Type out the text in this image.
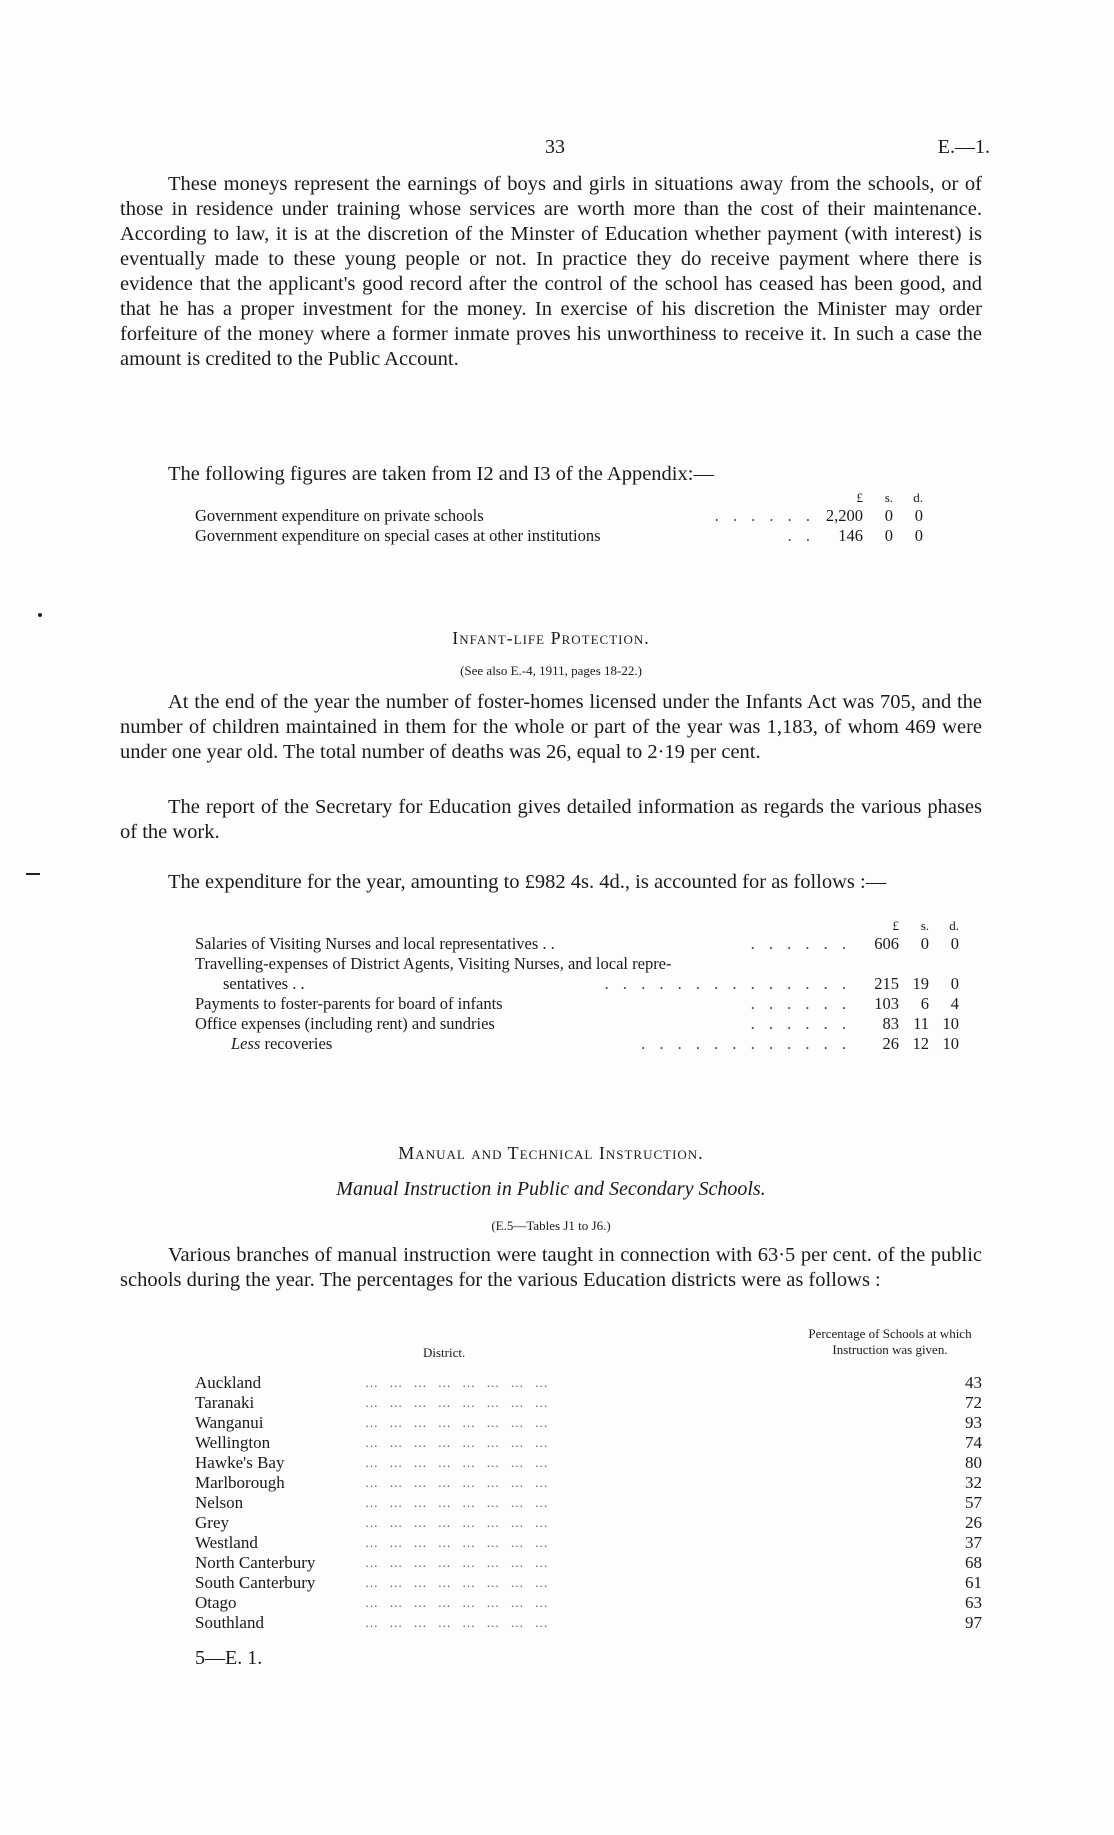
33	E.—1.

These moneys represent the earnings of boys and girls in situations away from the schools, or of those in residence under training whose services are worth more than the cost of their maintenance. According to law, it is at the discretion of the Minster of Education whether payment (with interest) is eventually made to these young people or not. In practice they do receive payment where there is evidence that the applicant's good record after the control of the school has ceased has been good, and that he has a proper investment for the money. In exercise of his discretion the Minister may order forfeiture of the money where a former inmate proves his unworthiness to receive it. In such a case the amount is credited to the Public Account.

The following figures are taken from I2 and I3 of the Appendix:—

	£	s.	d.
Government expenditure on private schools . . . . . .	2,200	0	0
Government expenditure on special cases at other institutions . .	146	0	0
Infant-life Protection.
(See also E.-4, 1911, pages 18-22.)

At the end of the year the number of foster-homes licensed under the Infants Act was 705, and the number of children maintained in them for the whole or part of the year was 1,183, of whom 469 were under one year old. The total number of deaths was 26, equal to 2·19 per cent.

The report of the Secretary for Education gives detailed information as regards the various phases of the work.

The expenditure for the year, amounting to £982 4s. 4d., is accounted for as follows :—

	£	s.	d.
Salaries of Visiting Nurses and local representatives . . . . . . . .	606	0	0
Travelling-expenses of District Agents, Visiting Nurses, and local repre-			
sentatives . . . . . . . . . . . . . . . .	215	19	0
Payments to foster-parents for board of infants . . . . . .	103	6	4
Office expenses (including rent) and sundries . . . . . .	83	11	10
Less recoveries . . . . . . . . . . . .	26	12	10
Manual and Technical Instruction.
Manual Instruction in Public and Secondary Schools.
(E.5—Tables J1 to J6.)

Various branches of manual instruction were taught in connection with 63·5 per cent. of the public schools during the year. The percentages for the various Education districts were as follows :

District.
Percentage of Schools at which Instruction was given.
Auckland	… … … … … … … …	43
Taranaki	… … … … … … … …	72
Wanganui	… … … … … … … …	93
Wellington	… … … … … … … …	74
Hawke's Bay	… … … … … … … …	80
Marlborough	… … … … … … … …	32
Nelson	… … … … … … … …	57
Grey	… … … … … … … …	26
Westland	… … … … … … … …	37
North Canterbury	… … … … … … … …	68
South Canterbury	… … … … … … … …	61
Otago	… … … … … … … …	63
Southland	… … … … … … … …	97
5—E. 1.
